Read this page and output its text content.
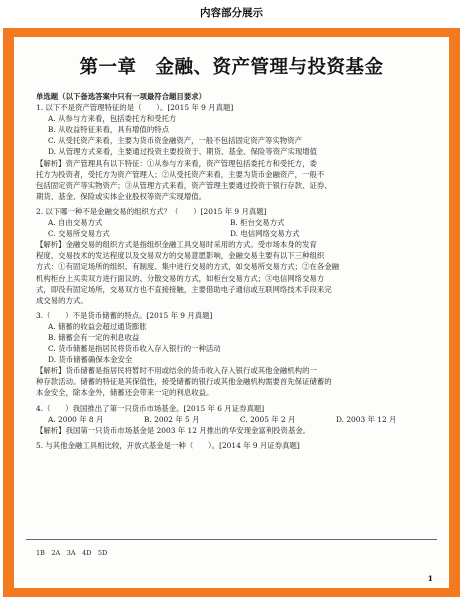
内容部分展示
第一章　金融、资产管理与投资基金
单选题（以下备选答案中只有一项最符合题目要求）
1. 以下不是资产管理特征的是（　　）。[2015 年 9 月真题]
A. 从参与方来看，包括委托方和受托方
B. 从收益特征来看，具有增值的特点
C. 从受托资产来看，主要为货币资金融资产，一般不包括固定资产等实物资产
D. 从管理方式来看，主要通过投资主要投资于、期货、基金、保险等资产实现增值
【解析】资产管理具有以下特征：①从参与方来看，资产管理包括委托方和受托方，委
托方为投资者，受托方为资产管理人；②从受托资产来看，主要为货币金融资产，一般不
包括固定资产等实物资产；③从管理方式来看，资产管理主要通过投资于银行存款、证券、
期货、基金、保险或实体企业股权等资产实现增值。
2. 以下哪一种不是金融交易的组织方式？（　　）[2015 年 9 月真题]
A. 自由交易方式	B. 柜台交易方式
C. 交易所交易方式	D. 电信网络交易方式
【解析】金融交易的组织方式是指组织金融工具交易时采用的方式。受市场本身的发育
程度、交易技术的发达程度以及交易双方的交易意愿影响，金融交易主要有以下三种组织
方式：①有固定场所的组织、有制度、集中进行交易的方式，如交易所交易方式；②在各金融
机构柜台上买卖双方进行面议的、分散交易的方式，如柜台交易方式；③电信网络交易方
式，即没有固定场所，交易双方也不直接接触，主要借助电子通信或互联网络技术手段来完
成交易的方式。
3.（　　）不是货币储蓄的特点。[2015 年 9 月真题]
A. 储蓄的收益会超过通货膨胀
B. 储蓄会有一定的利息收益
C. 货币储蓄是指居民将货币收入存入银行的一种活动
D. 货币储蓄确保本金安全
【解析】货币储蓄是指居民将暂时不用或结余的货币收入存入银行或其他金融机构的一
种存款活动。储蓄的特征是其保值性，接受储蓄的银行或其他金融机构需要首先保证储蓄的
本金安全，除本金外，储蓄还会带来一定的利息收益。
4.（　　）我国推出了第一只货币市场基金。[2015 年 6 月证券真题]
A. 2000 年 8 月	B. 2002 年 5 月	C. 2005 年 2 月	D. 2003 年 12 月
【解析】我国第一只货币市场基金是 2003 年 12 月推出的华安现金富利投资基金。
5. 与其他金融工具相比较，开放式基金是一种（　　）。[2014 年 9 月证券真题]
1B　2A　3A　4D　5D
1
